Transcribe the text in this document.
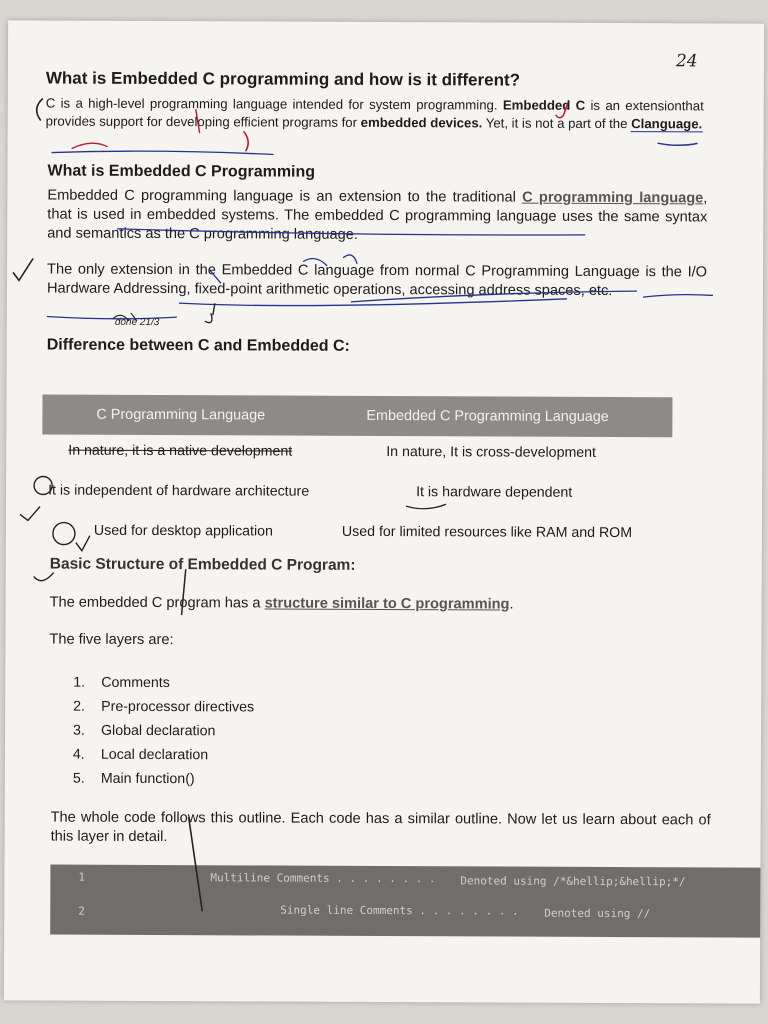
24
What is Embedded C programming and how is it different?
C is a high-level programming language intended for system programming. Embedded C is an extensionthat provides support for developing efficient programs for embedded devices. Yet, it is not a part of the Clanguage.
What is Embedded C Programming
Embedded C programming language is an extension to the traditional C programming language, that is used in embedded systems. The embedded C programming language uses the same syntax and semantics as the C programming language.
The only extension in the Embedded C language from normal C Programming Language is the I/O Hardware Addressing, fixed-point arithmetic operations, accessing address spaces, etc.
Difference between C and Embedded C:
C Programming Language	Embedded C Programming Language
In nature, it is a native development	In nature, It is cross-development
It is independent of hardware architecture	It is hardware dependent
Used for desktop application	Used for limited resources like RAM and ROM
Basic Structure of Embedded C Program:
The embedded C program has a structure similar to C programming.
The five layers are:
1. Comments
2. Pre-processor directives
3. Global declaration
4. Local declaration
5. Main function()
The whole code follows this outline. Each code has a similar outline. Now let us learn about each of this layer in detail.
1	Multiline Comments . . . . . . . . Denoted using /*&hellip;&hellip;*/
2	Single line Comments . . . . . . . . Denoted using //
done 21/3
